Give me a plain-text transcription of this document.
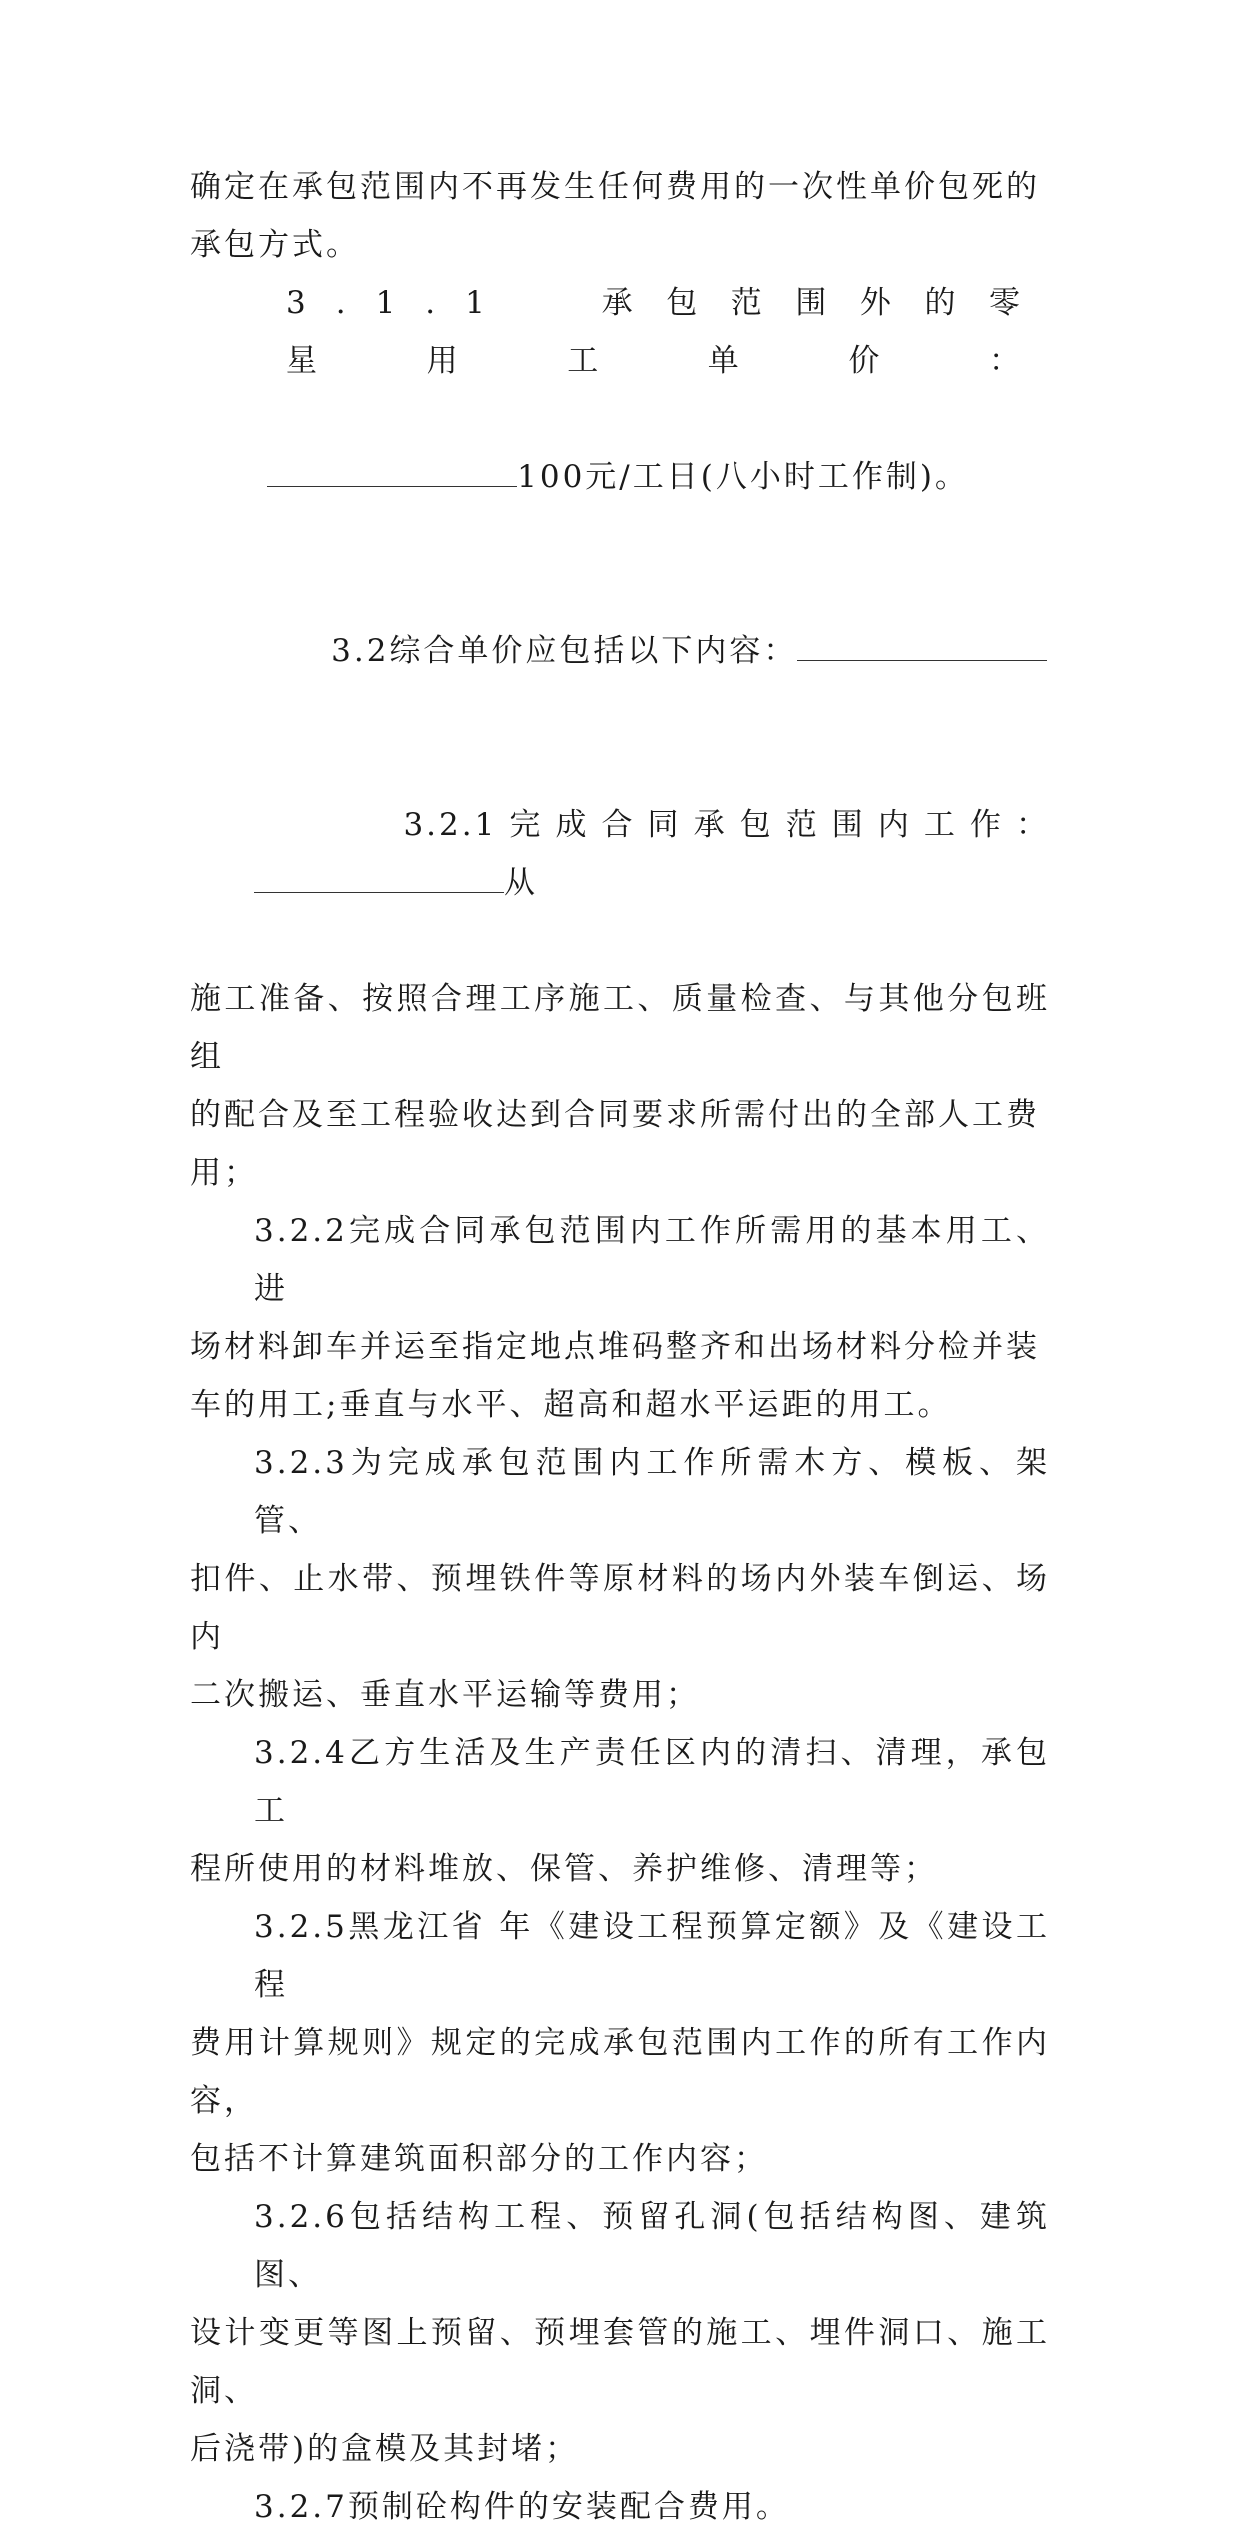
确定在承包范围内不再发生任何费用的一次性单价包死的

承包方式。

3.1.1  承包范围外的零星用工单价：

100元/工日(八小时工作制)。

3.2综合单价应包括以下内容：

3.2.1完成合同承包范围内工作：从

施工准备、按照合理工序施工、质量检查、与其他分包班组

的配合及至工程验收达到合同要求所需付出的全部人工费

用；

3.2.2完成合同承包范围内工作所需用的基本用工、进

场材料卸车并运至指定地点堆码整齐和出场材料分检并装

车的用工;垂直与水平、超高和超水平运距的用工。

3.2.3为完成承包范围内工作所需木方、模板、架管、

扣件、止水带、预埋铁件等原材料的场内外装车倒运、场内

二次搬运、垂直水平运输等费用；

3.2.4乙方生活及生产责任区内的清扫、清理，承包工

程所使用的材料堆放、保管、养护维修、清理等；

3.2.5黑龙江省 年《建设工程预算定额》及《建设工程

费用计算规则》规定的完成承包范围内工作的所有工作内容，

包括不计算建筑面积部分的工作内容；

3.2.6包括结构工程、预留孔洞(包括结构图、建筑图、

设计变更等图上预留、预埋套管的施工、埋件洞口、施工洞、

后浇带)的盒模及其封堵；

3.2.7预制砼构件的安装配合费用。
